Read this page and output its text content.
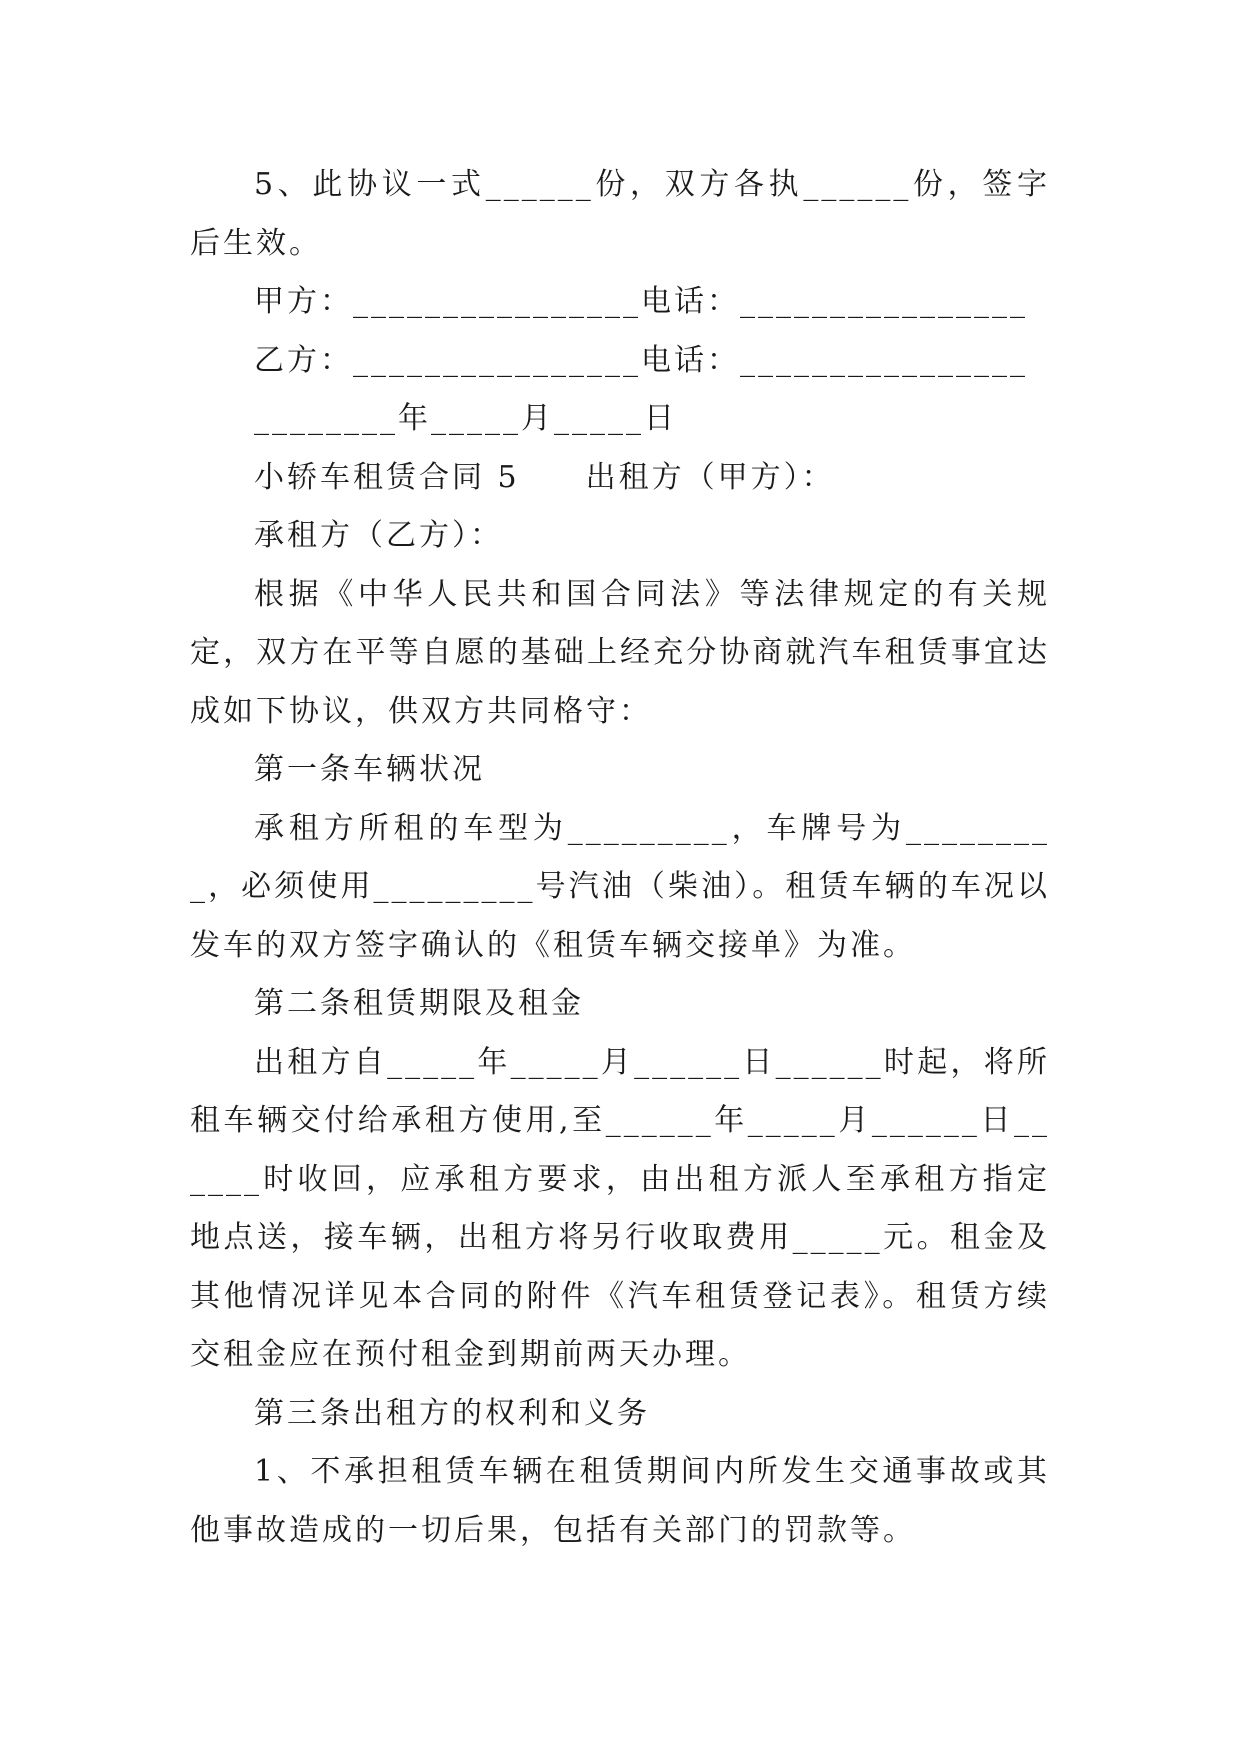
5、此协议一式______份，双方各执______份，签字后生效。

甲方：________________电话：________________

乙方：________________电话：________________

________年_____月_____日

小轿车租赁合同 5　　出租方（甲方）：

承租方（乙方）：

根据《中华人民共和国合同法》等法律规定的有关规定，双方在平等自愿的基础上经充分协商就汽车租赁事宜达成如下协议，供双方共同格守：

第一条车辆状况

承租方所租的车型为_________，车牌号为_________，必须使用_________号汽油（柴油）。租赁车辆的车况以发车的双方签字确认的《租赁车辆交接单》为准。

第二条租赁期限及租金

出租方自_____年_____月______日______时起，将所租车辆交付给承租方使用,至______年_____月______日______时收回，应承租方要求，由出租方派人至承租方指定地点送，接车辆，出租方将另行收取费用_____元。租金及其他情况详见本合同的附件《汽车租赁登记表》。租赁方续交租金应在预付租金到期前两天办理。

第三条出租方的权利和义务

1、不承担租赁车辆在租赁期间内所发生交通事故或其他事故造成的一切后果，包括有关部门的罚款等。
